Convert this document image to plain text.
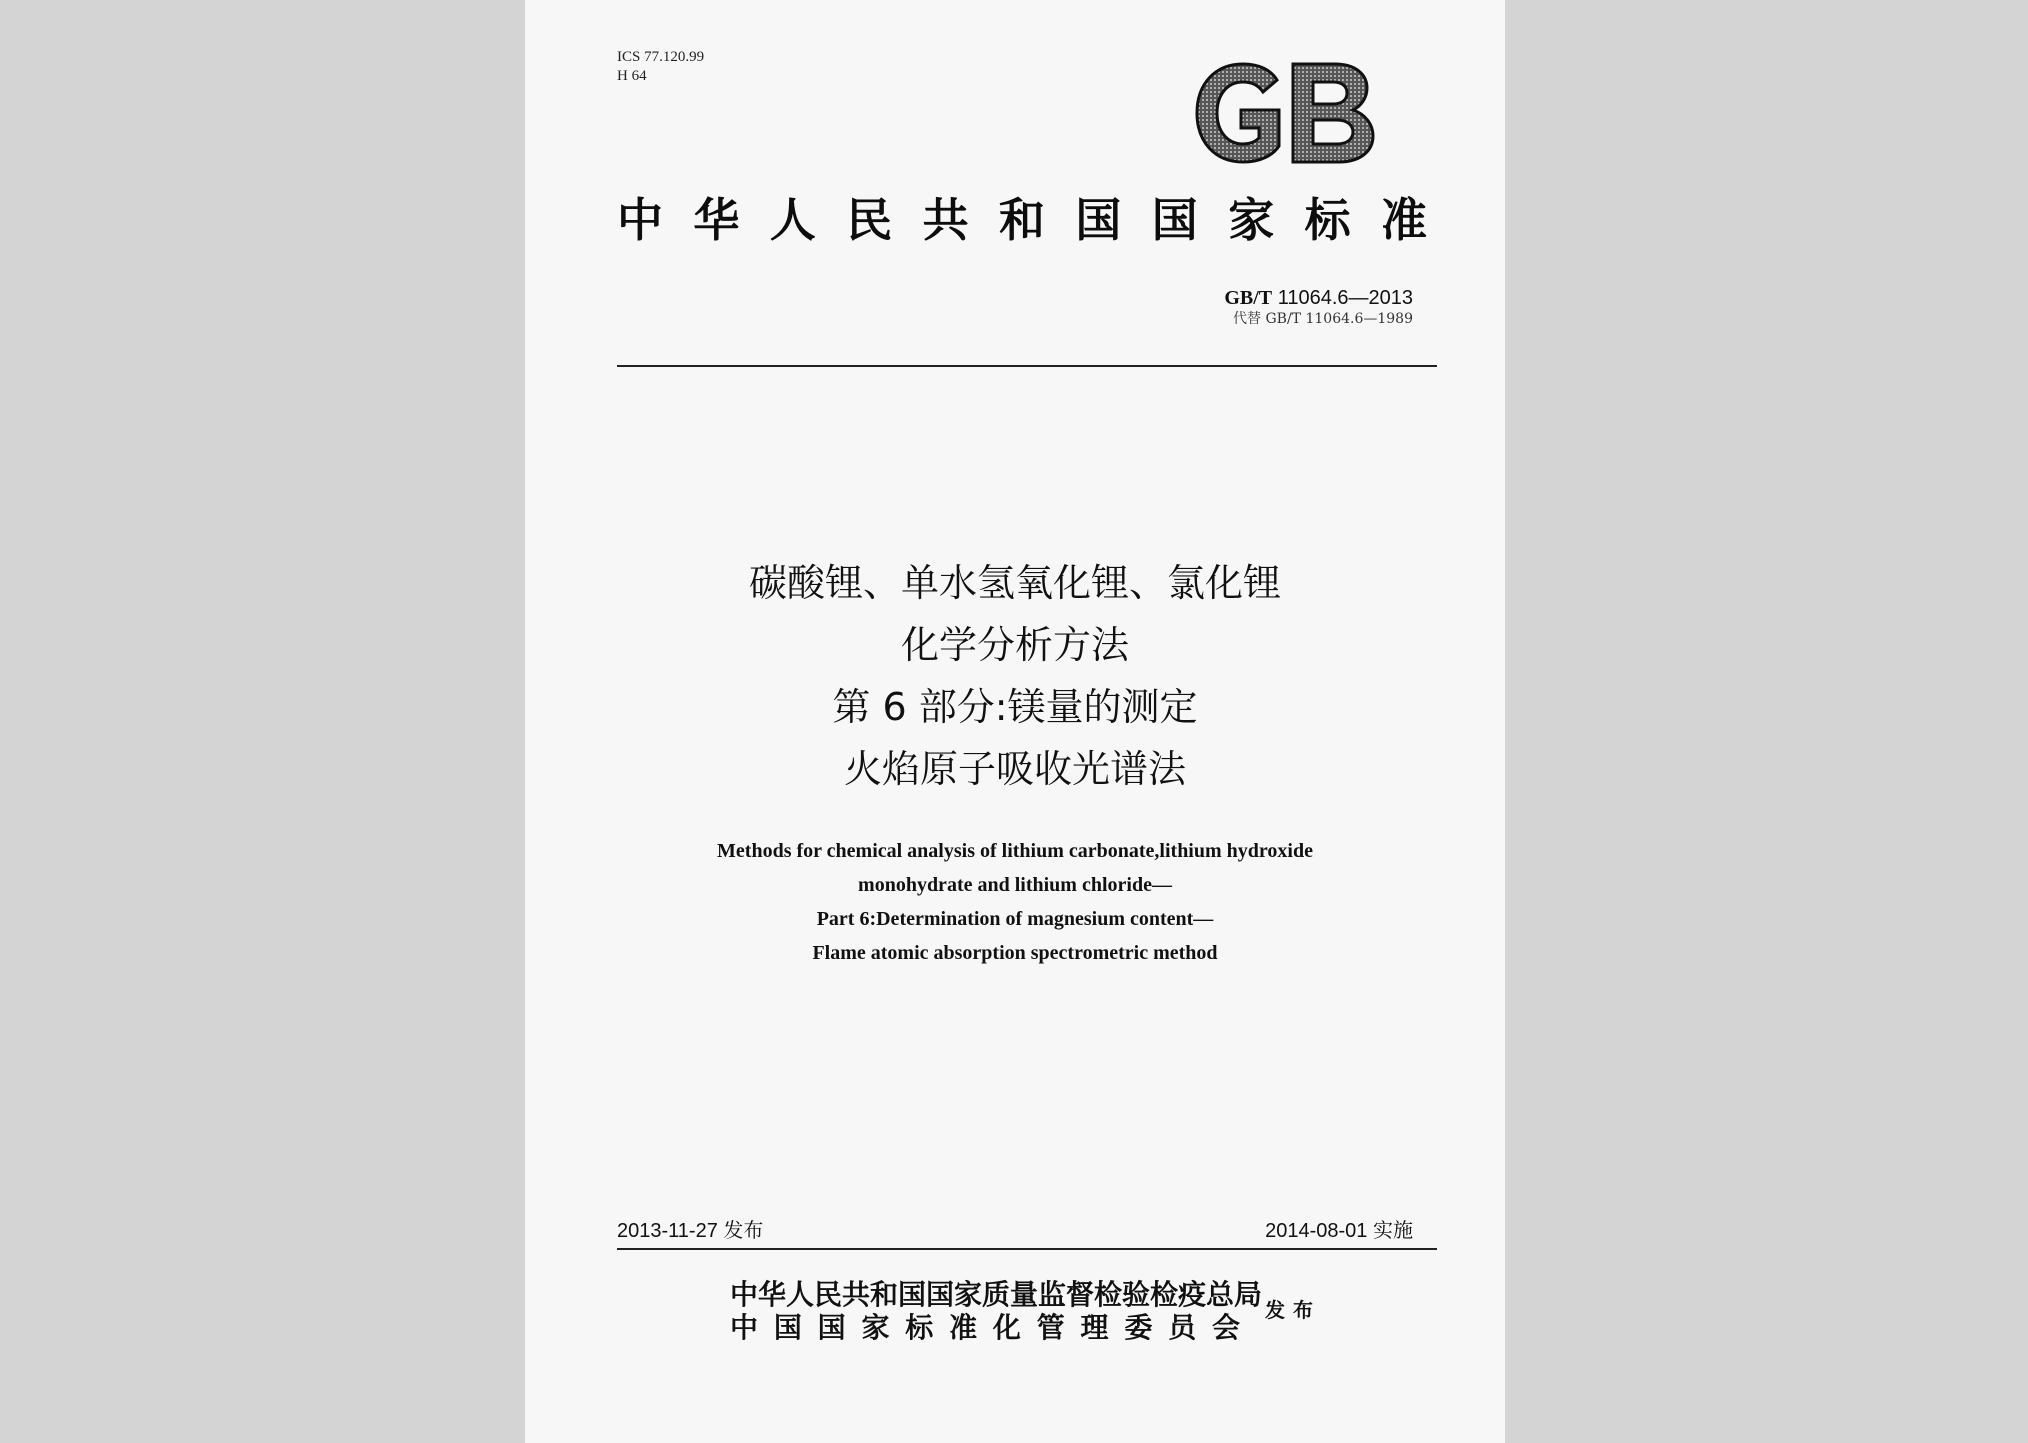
ICS 77.120.99
H 64
中华人民共和国国家标准
GB/T 11064.6—2013
代替 GB/T 11064.6—1989
碳酸锂、单水氢氧化锂、氯化锂
化学分析方法
第 6 部分:镁量的测定
火焰原子吸收光谱法
Methods for chemical analysis of lithium carbonate,lithium hydroxide
monohydrate and lithium chloride—
Part 6:Determination of magnesium content—
Flame atomic absorption spectrometric method
2013-11-27 发布	2014-08-01 实施
中华人民共和国国家质量监督检验检疫总局
中国国家标准化管理委员会
发布
